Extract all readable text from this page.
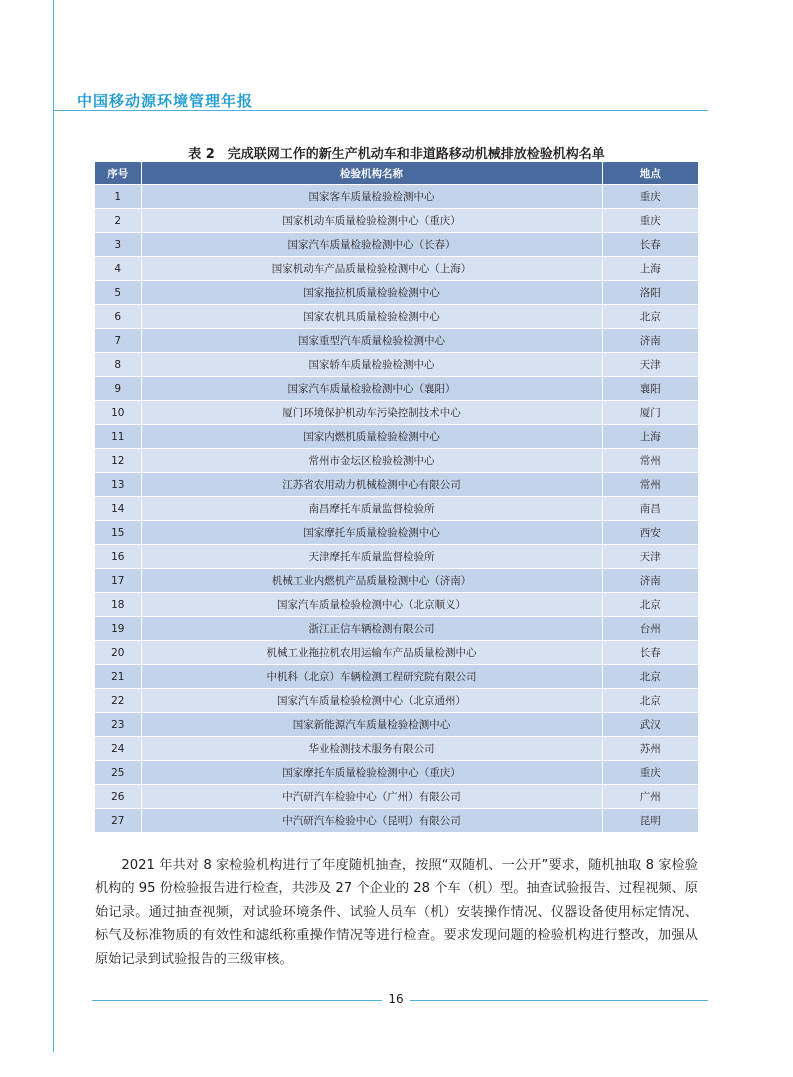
中国移动源环境管理年报
表 2　完成联网工作的新生产机动车和非道路移动机械排放检验机构名单
序号	检验机构名称	地点
1	国家客车质量检验检测中心	重庆
2	国家机动车质量检验检测中心（重庆）	重庆
3	国家汽车质量检验检测中心（长春）	长春
4	国家机动车产品质量检验检测中心（上海）	上海
5	国家拖拉机质量检验检测中心	洛阳
6	国家农机具质量检验检测中心	北京
7	国家重型汽车质量检验检测中心	济南
8	国家轿车质量检验检测中心	天津
9	国家汽车质量检验检测中心（襄阳）	襄阳
10	厦门环境保护机动车污染控制技术中心	厦门
11	国家内燃机质量检验检测中心	上海
12	常州市金坛区检验检测中心	常州
13	江苏省农用动力机械检测中心有限公司	常州
14	南昌摩托车质量监督检验所	南昌
15	国家摩托车质量检验检测中心	西安
16	天津摩托车质量监督检验所	天津
17	机械工业内燃机产品质量检测中心（济南）	济南
18	国家汽车质量检验检测中心（北京顺义）	北京
19	浙江正信车辆检测有限公司	台州
20	机械工业拖拉机农用运输车产品质量检测中心	长春
21	中机科（北京）车辆检测工程研究院有限公司	北京
22	国家汽车质量检验检测中心（北京通州）	北京
23	国家新能源汽车质量检验检测中心	武汉
24	华业检测技术服务有限公司	苏州
25	国家摩托车质量检验检测中心（重庆）	重庆
26	中汽研汽车检验中心（广州）有限公司	广州
27	中汽研汽车检验中心（昆明）有限公司	昆明

2021 年共对 8 家检验机构进行了年度随机抽查，按照“双随机、一公开”要求，随机抽取 8 家检验机构的 95 份检验报告进行检查，共涉及 27 个企业的 28 个车（机）型。抽查试验报告、过程视频、原始记录。通过抽查视频，对试验环境条件、试验人员车（机）安装操作情况、仪器设备使用标定情况、标气及标准物质的有效性和滤纸称重操作情况等进行检查。要求发现问题的检验机构进行整改，加强从原始记录到试验报告的三级审核。

16
